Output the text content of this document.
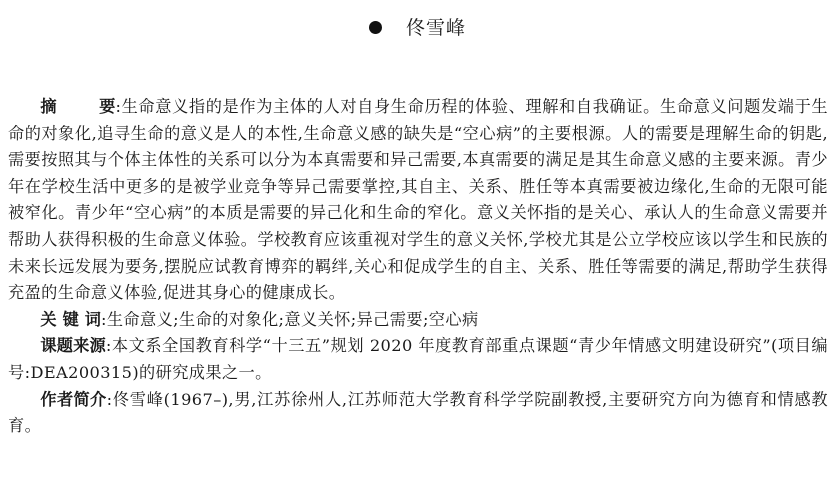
佟雪峰

摘	要:生命意义指的是作为主体的人对自身生命历程的体验、理解和自我确证。生命意义问题发端于生命的对象化,追寻生命的意义是人的本性,生命意义感的缺失是“空心病”的主要根源。人的需要是理解生命的钥匙,需要按照其与个体主体性的关系可以分为本真需要和异己需要,本真需要的满足是其生命意义感的主要来源。青少年在学校生活中更多的是被学业竞争等异己需要掌控,其自主、关系、胜任等本真需要被边缘化,生命的无限可能被窄化。青少年“空心病”的本质是需要的异己化和生命的窄化。意义关怀指的是关心、承认人的生命意义需要并帮助人获得积极的生命意义体验。学校教育应该重视对学生的意义关怀,学校尤其是公立学校应该以学生和民族的未来长远发展为要务,摆脱应试教育博弈的羁绊,关心和促成学生的自主、关系、胜任等需要的满足,帮助学生获得充盈的生命意义体验,促进其身心的健康成长。

关 键 词:生命意义;生命的对象化;意义关怀;异己需要;空心病

课题来源:本文系全国教育科学“十三五”规划 2020 年度教育部重点课题“青少年情感文明建设研究”(项目编号:DEA200315)的研究成果之一。

作者简介:佟雪峰(1967–),男,江苏徐州人,江苏师范大学教育科学学院副教授,主要研究方向为德育和情感教育。
